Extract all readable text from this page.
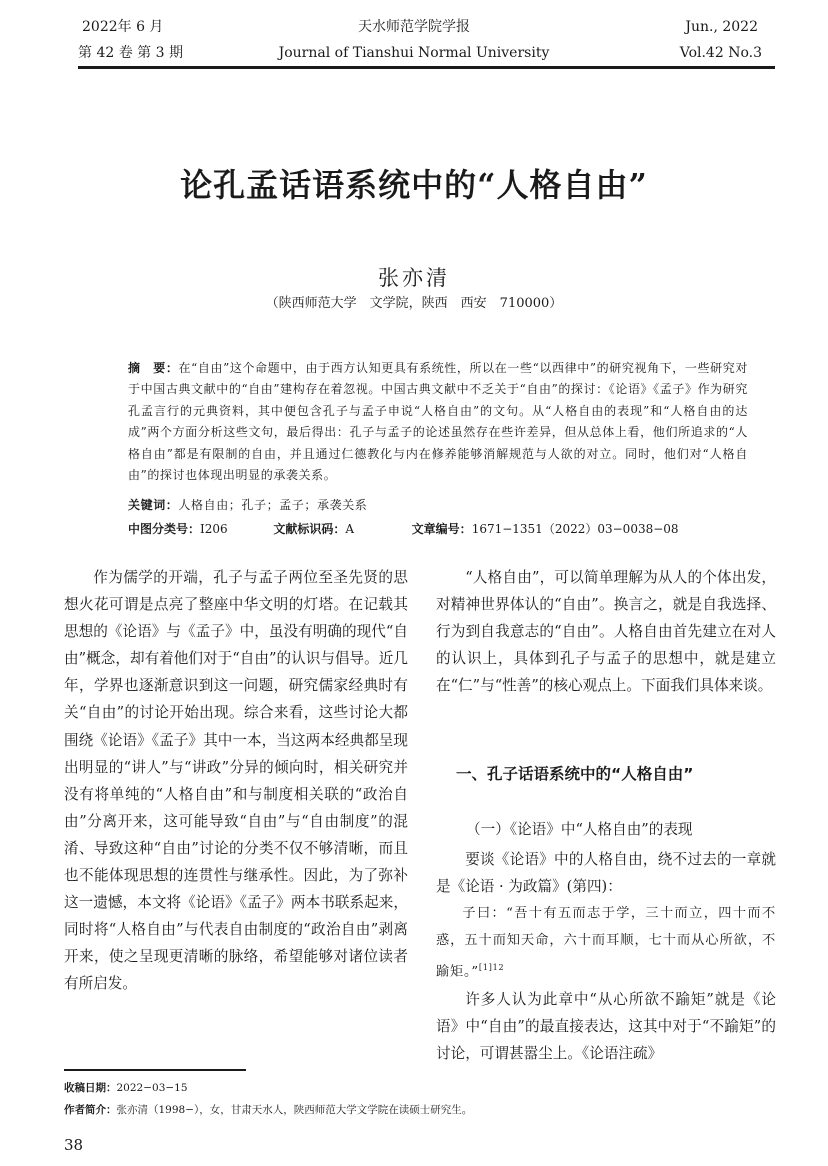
2022年 6 月
第 42 卷 第 3 期
天水师范学院学报
Journal of Tianshui Normal University
Jun., 2022
Vol.42 No.3
论孔孟话语系统中的“人格自由”
张亦清
（陕西师范大学　文学院，陕西　西安　710000）
摘　要：在“自由”这个命题中，由于西方认知更具有系统性，所以在一些“以西律中”的研究视角下，一些研究对于中国古典文献中的“自由”建构存在着忽视。中国古典文献中不乏关于“自由”的探讨：《论语》《孟子》作为研究孔孟言行的元典资料，其中便包含孔子与孟子申说“人格自由”的文句。从“人格自由的表现”和“人格自由的达成”两个方面分析这些文句，最后得出：孔子与孟子的论述虽然存在些许差异，但从总体上看，他们所追求的“人格自由”都是有限制的自由，并且通过仁德教化与内在修养能够消解规范与人欲的对立。同时，他们对“人格自由”的探讨也体现出明显的承袭关系。
关键词：人格自由；孔子；孟子；承袭关系
中图分类号：I206	文献标识码：A	文章编号：1671−1351（2022）03−0038−08

作为儒学的开端，孔子与孟子两位至圣先贤的思想火花可谓是点亮了整座中华文明的灯塔。在记载其思想的《论语》与《孟子》中，虽没有明确的现代“自由”概念，却有着他们对于“自由”的认识与倡导。近几年，学界也逐渐意识到这一问题，研究儒家经典时有关“自由”的讨论开始出现。综合来看，这些讨论大都围绕《论语》《孟子》其中一本，当这两本经典都呈现出明显的“讲人”与“讲政”分异的倾向时，相关研究并没有将单纯的“人格自由”和与制度相关联的“政治自由”分离开来，这可能导致“自由”与“自由制度”的混淆、导致这种“自由”讨论的分类不仅不够清晰，而且也不能体现思想的连贯性与继承性。因此，为了弥补这一遗憾，本文将《论语》《孟子》两本书联系起来，同时将“人格自由”与代表自由制度的“政治自由”剥离开来，使之呈现更清晰的脉络，希望能够对诸位读者有所启发。

“人格自由”，可以简单理解为从人的个体出发，对精神世界体认的“自由”。换言之，就是自我选择、行为到自我意志的“自由”。人格自由首先建立在对人的认识上，具体到孔子与孟子的思想中，就是建立在“仁”与“性善”的核心观点上。下面我们具体来谈。

一、孔子话语系统中的“人格自由”
（一）《论语》中“人格自由”的表现

要谈《论语》中的人格自由，绕不过去的一章就是《论语 · 为政篇》(第四)：

子曰：“吾十有五而志于学，三十而立，四十而不惑，五十而知天命，六十而耳顺，七十而从心所欲，不踰矩。”$^{[1]12}$

许多人认为此章中“从心所欲不踰矩”就是《论语》中“自由”的最直接表达，这其中对于“不踰矩”的讨论，可谓甚嚣尘上。《论语注疏》

收稿日期：2022−03−15
作者简介：张亦清（1998−），女，甘肃天水人，陕西师范大学文学院在读硕士研究生。
38
